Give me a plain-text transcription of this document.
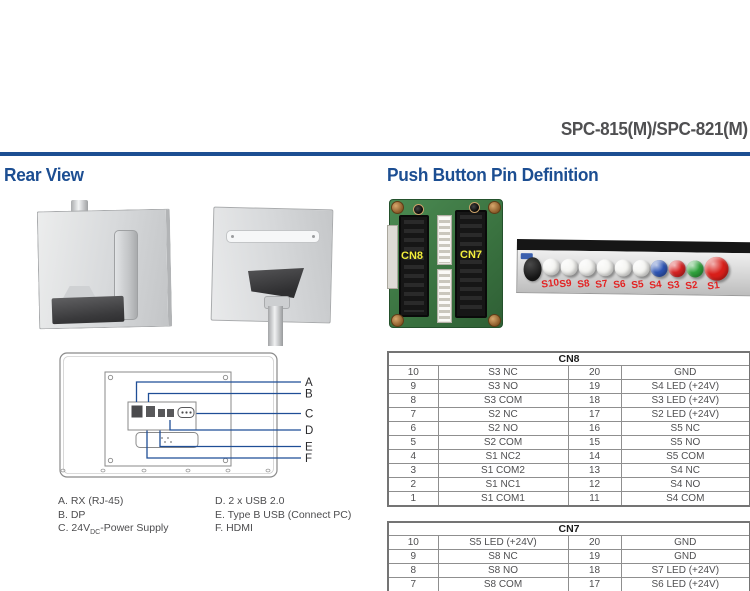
SPC-815(M)/SPC-821(M)
Rear View	Push Button Pin Definition
A
B
C
D
E
F
A. RX (RJ-45)
B. DP
C. $24V_{DC}$-Power Supply
D. 2 x USB 2.0
E. Type B USB (Connect PC)
F. HDMI
CN8	CN7
S10
S9 S8 S7 S6 S5 S4 S3 S2 S1
CN8			
10	S3 NC	20	GND
9	S3 NO	19	S4 LED (+24V)
8	S3 COM	18	S3 LED (+24V)
7	S2 NC	17	S2 LED (+24V)
6	S2 NO	16	S5 NC
5	S2 COM	15	S5 NO
4	S1 NC2	14	S5 COM
3	S1 COM2	13	S4 NC
2	S1 NC1	12	S4 NO
1	S1 COM1	11	S4 COM
CN7			
10	S5 LED (+24V)	20	GND
9	S8 NC	19	GND
8	S8 NO	18	S7 LED (+24V)
7	S8 COM	17	S6 LED (+24V)
